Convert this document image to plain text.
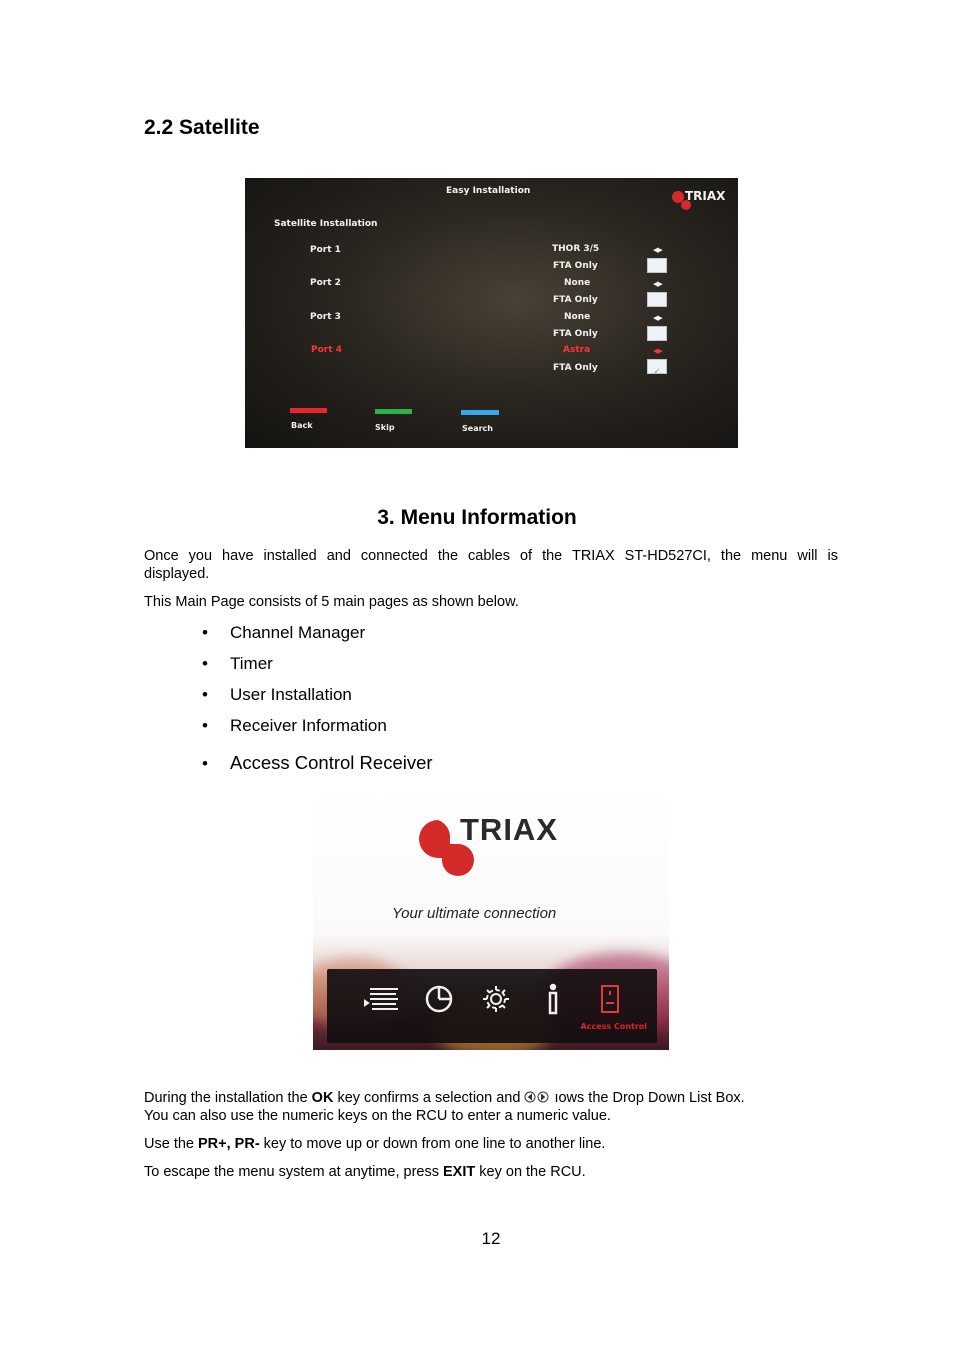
2.2 Satellite
Easy Installation	TRIAX
Satellite Installation
Port 1
Port 2
Port 3
Port 4
THOR 3/5	◀▶
FTA Only
None	◀▶
FTA Only
None	◀▶
FTA Only
Astra	◀▶
FTA Only	✓
Back	Skip	Search
3. Menu Information
Once you have installed and connected the cables of the TRIAX ST-HD527CI, the menu will is
displayed.
This Main Page consists of 5 main pages as shown below.
• Channel Manager
• Timer
• User Installation
• Receiver Information
• Access Control Receiver
TRIAX
Your ultimate connection
Access Control
During the installation the OK key confirms a selection and ıows the Drop Down List Box.
You can also use the numeric keys on the RCU to enter a numeric value.
Use the PR+, PR- key to move up or down from one line to another line.
To escape the menu system at anytime, press EXIT key on the RCU.
12
